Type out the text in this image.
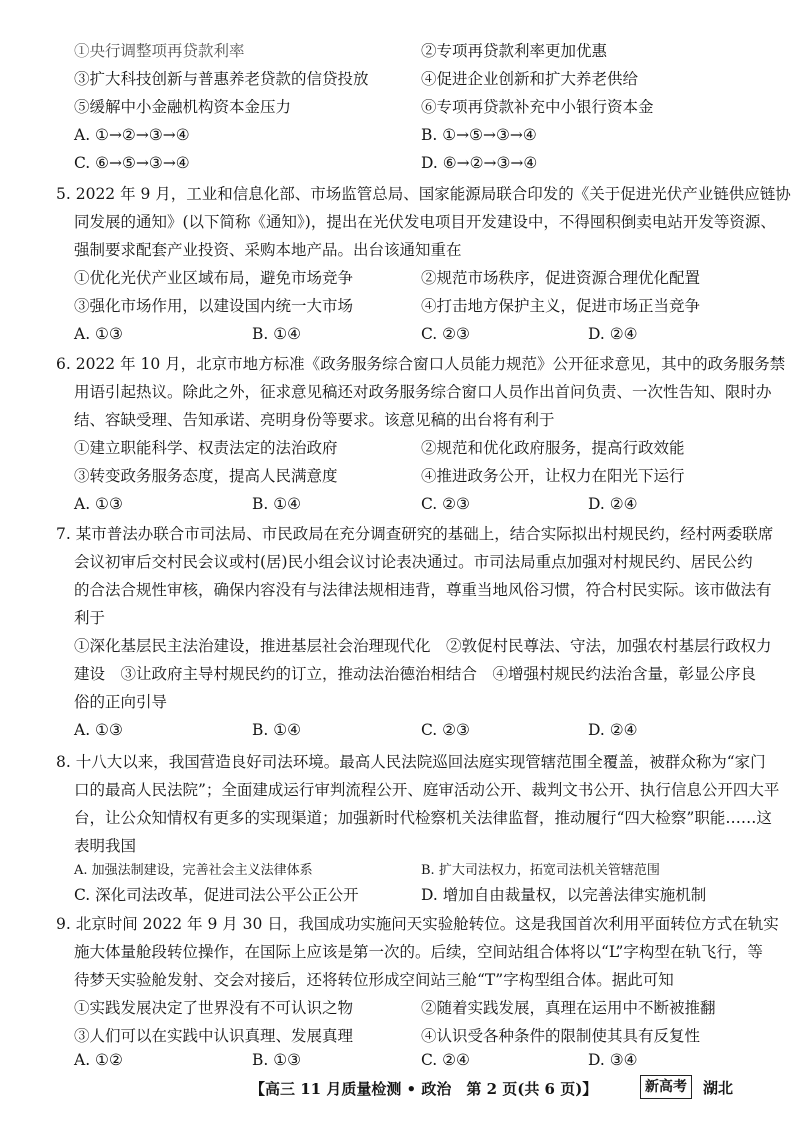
①央行调整项再贷款利率	②专项再贷款利率更加优惠
③扩大科技创新与普惠养老贷款的信贷投放	④促进企业创新和扩大养老供给
⑤缓解中小金融机构资本金压力	⑥专项再贷款补充中小银行资本金
A. ①→②→③→④	B. ①→⑤→③→④
C. ⑥→⑤→③→④	D. ⑥→②→③→④
5. 2022 年 9 月，工业和信息化部、市场监管总局、国家能源局联合印发的《关于促进光伏产业链供应链协
同发展的通知》(以下简称《通知》)，提出在光伏发电项目开发建设中，不得囤积倒卖电站开发等资源、
强制要求配套产业投资、采购本地产品。出台该通知重在
①优化光伏产业区域布局，避免市场竞争	②规范市场秩序，促进资源合理优化配置
③强化市场作用，以建设国内统一大市场	④打击地方保护主义，促进市场正当竞争
A. ①③	B. ①④	C. ②③	D. ②④
6. 2022 年 10 月，北京市地方标准《政务服务综合窗口人员能力规范》公开征求意见，其中的政务服务禁
用语引起热议。除此之外，征求意见稿还对政务服务综合窗口人员作出首问负责、一次性告知、限时办
结、容缺受理、告知承诺、亮明身份等要求。该意见稿的出台将有利于
①建立职能科学、权责法定的法治政府	②规范和优化政府服务，提高行政效能
③转变政务服务态度，提高人民满意度	④推进政务公开，让权力在阳光下运行
A. ①③	B. ①④	C. ②③	D. ②④
7. 某市普法办联合市司法局、市民政局在充分调查研究的基础上，结合实际拟出村规民约，经村两委联席
会议初审后交村民会议或村(居)民小组会议讨论表决通过。市司法局重点加强对村规民约、居民公约
的合法合规性审核，确保内容没有与法律法规相违背，尊重当地风俗习惯，符合村民实际。该市做法有
利于
①深化基层民主法治建设，推进基层社会治理现代化　②敦促村民尊法、守法，加强农村基层行政权力
建设　③让政府主导村规民约的订立，推动法治德治相结合　④增强村规民约法治含量，彰显公序良
俗的正向引导
A. ①③	B. ①④	C. ②③	D. ②④
8. 十八大以来，我国营造良好司法环境。最高人民法院巡回法庭实现管辖范围全覆盖，被群众称为“家门
口的最高人民法院”；全面建成运行审判流程公开、庭审活动公开、裁判文书公开、执行信息公开四大平
台，让公众知情权有更多的实现渠道；加强新时代检察机关法律监督，推动履行“四大检察”职能……这
表明我国
A. 加强法制建设，完善社会主义法律体系	B. 扩大司法权力，拓宽司法机关管辖范围
C. 深化司法改革，促进司法公平公正公开	D. 增加自由裁量权，以完善法律实施机制
9. 北京时间 2022 年 9 月 30 日，我国成功实施问天实验舱转位。这是我国首次利用平面转位方式在轨实
施大体量舱段转位操作，在国际上应该是第一次的。后续，空间站组合体将以“L”字构型在轨飞行，等
待梦天实验舱发射、交会对接后，还将转位形成空间站三舱“T”字构型组合体。据此可知
①实践发展决定了世界没有不可认识之物	②随着实践发展，真理在运用中不断被推翻
③人们可以在实践中认识真理、发展真理	④认识受各种条件的限制使其具有反复性
A. ①②	B. ①③	C. ②④	D. ③④
【高三 11 月质量检测 • 政治　第 2 页(共 6 页)】	新高考	湖北
